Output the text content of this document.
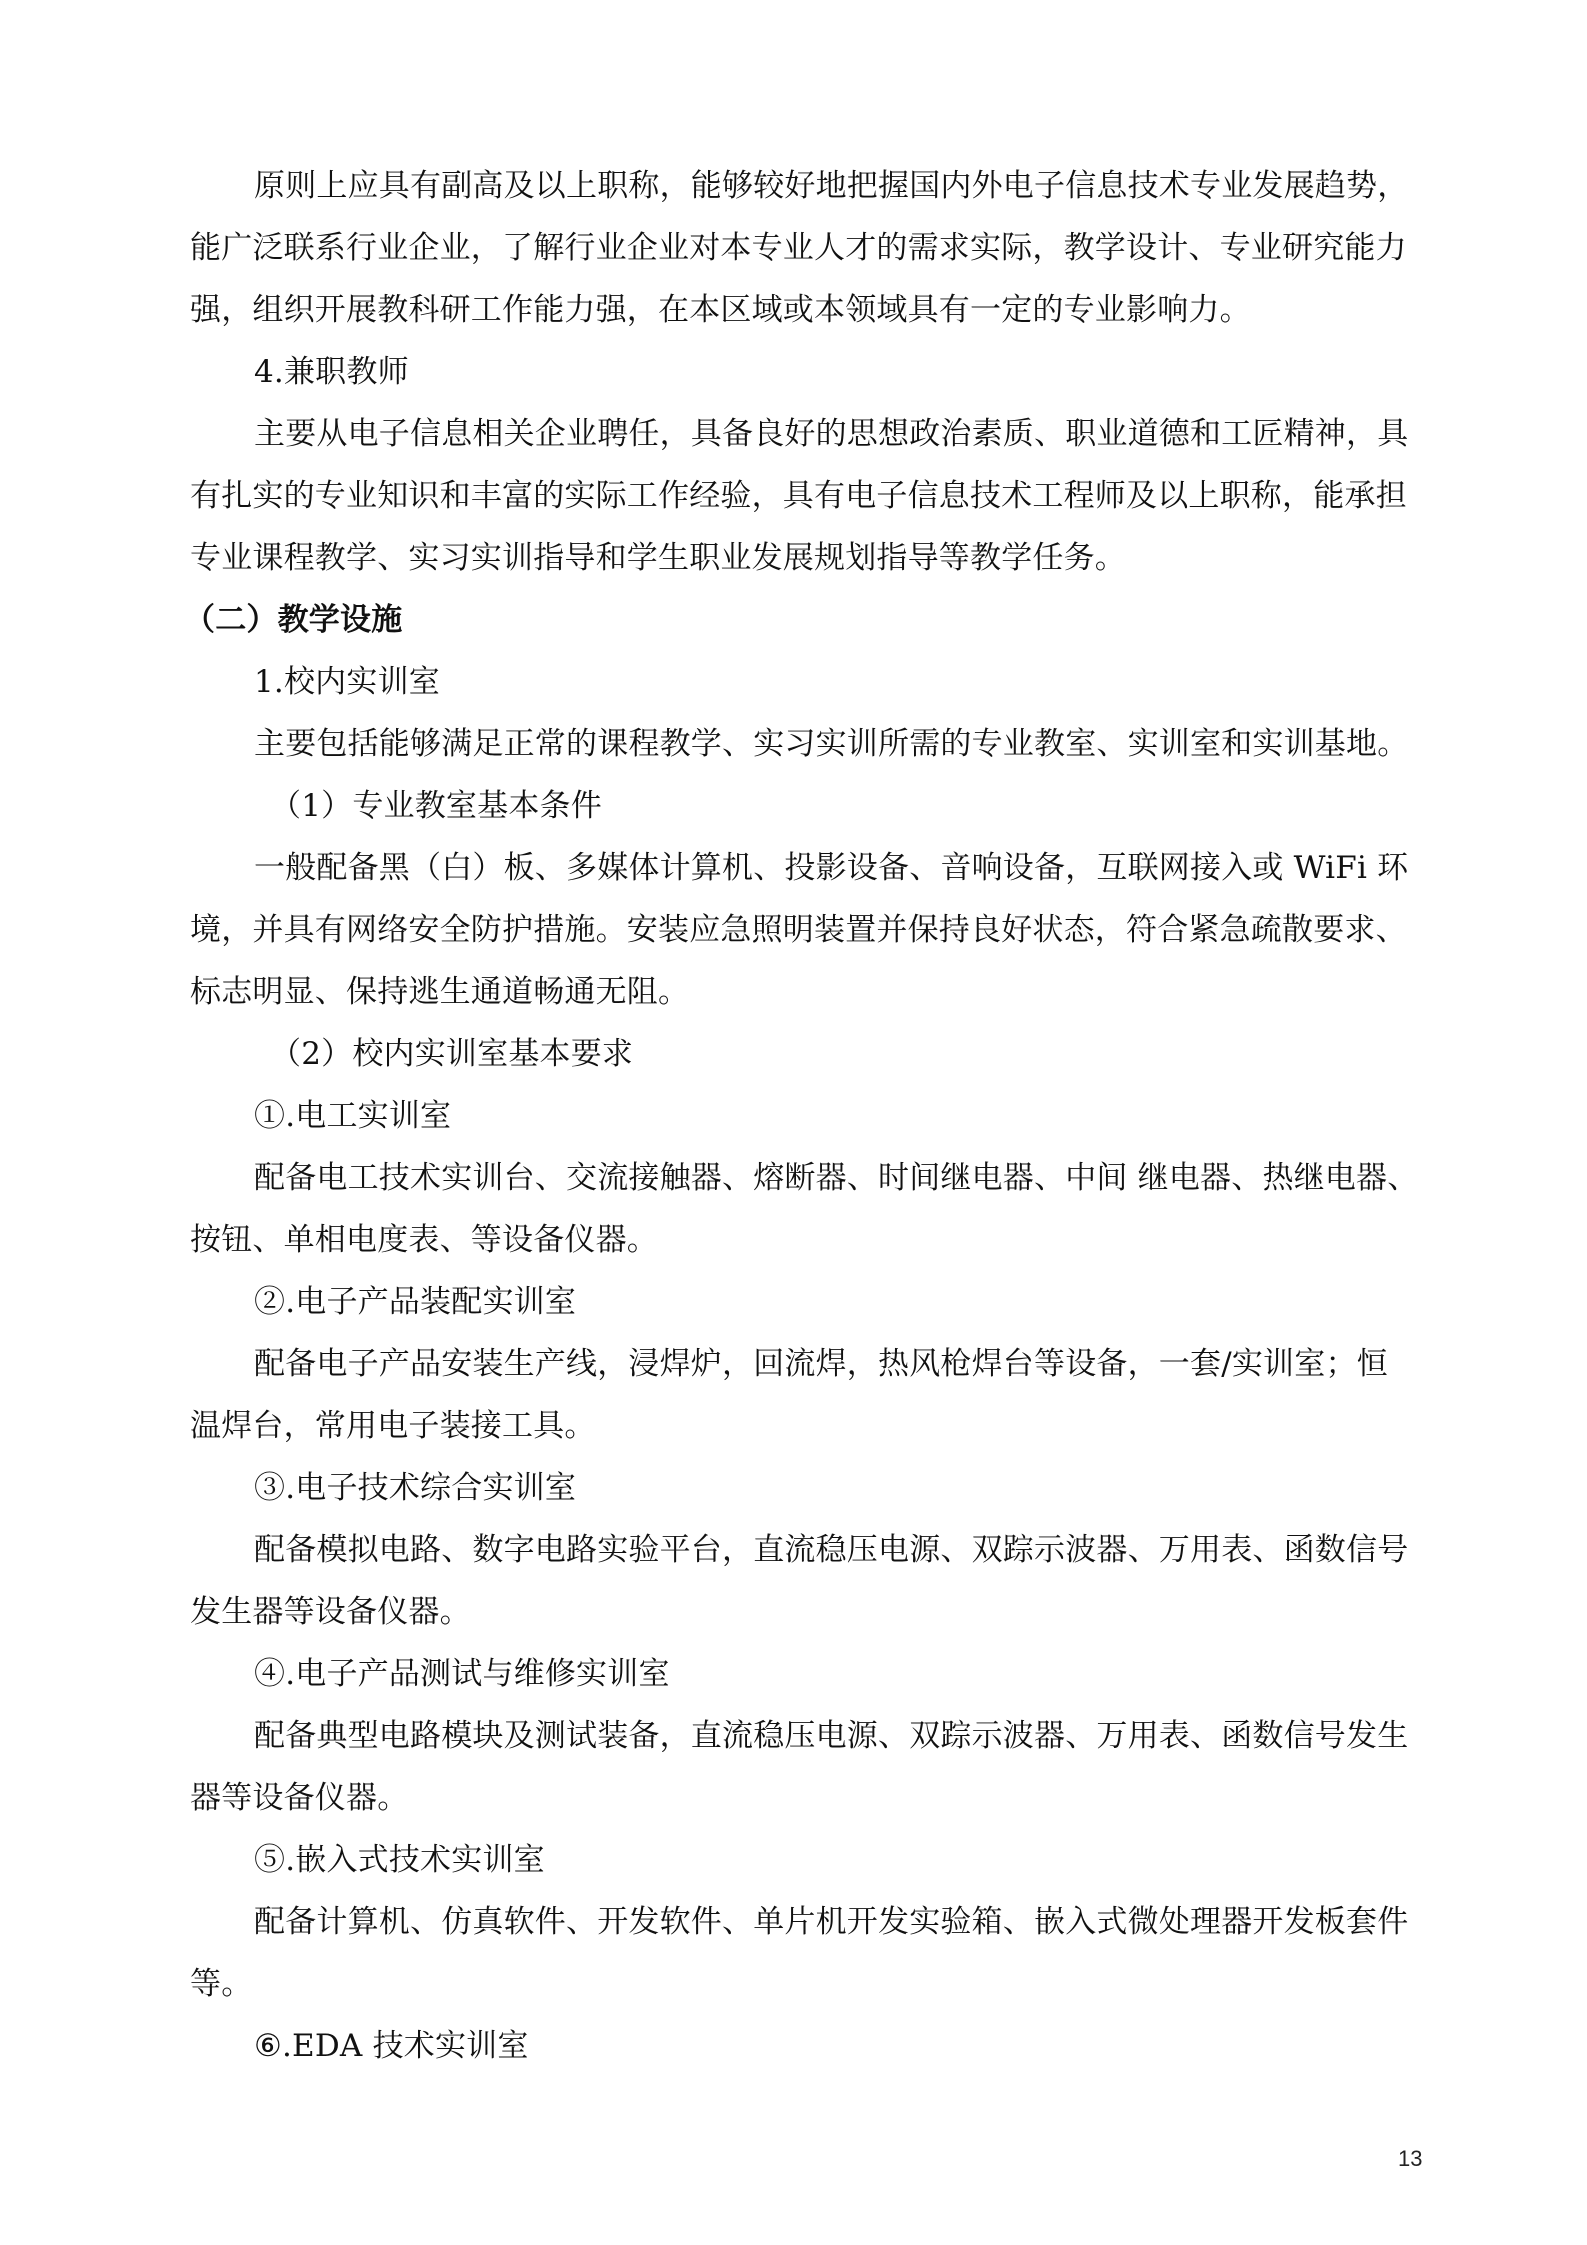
原则上应具有副高及以上职称，能够较好地把握国内外电子信息技术专业发展趋势，

能广泛联系行业企业，了解行业企业对本专业人才的需求实际，教学设计、专业研究能力

强，组织开展教科研工作能力强，在本区域或本领域具有一定的专业影响力。

4.兼职教师

主要从电子信息相关企业聘任，具备良好的思想政治素质、职业道德和工匠精神，具

有扎实的专业知识和丰富的实际工作经验，具有电子信息技术工程师及以上职称，能承担

专业课程教学、实习实训指导和学生职业发展规划指导等教学任务。

（二）教学设施

1.校内实训室

主要包括能够满足正常的课程教学、实习实训所需的专业教室、实训室和实训基地。

（1）专业教室基本条件

一般配备黑（白）板、多媒体计算机、投影设备、音响设备，互联网接入或 WiFi 环

境，并具有网络安全防护措施。安装应急照明装置并保持良好状态，符合紧急疏散要求、

标志明显、保持逃生通道畅通无阻。

（2）校内实训室基本要求

①.电工实训室

配备电工技术实训台、交流接触器、熔断器、时间继电器、中间 继电器、热继电器、

按钮、单相电度表、等设备仪器。

②.电子产品装配实训室

配备电子产品安装生产线，浸焊炉，回流焊，热风枪焊台等设备，一套/实训室；恒

温焊台，常用电子装接工具。

③.电子技术综合实训室

配备模拟电路、数字电路实验平台，直流稳压电源、双踪示波器、万用表、函数信号

发生器等设备仪器。

④.电子产品测试与维修实训室

配备典型电路模块及测试装备，直流稳压电源、双踪示波器、万用表、函数信号发生

器等设备仪器。

⑤.嵌入式技术实训室

配备计算机、仿真软件、开发软件、单片机开发实验箱、嵌入式微处理器开发板套件

等。

⑥.EDA 技术实训室

13
